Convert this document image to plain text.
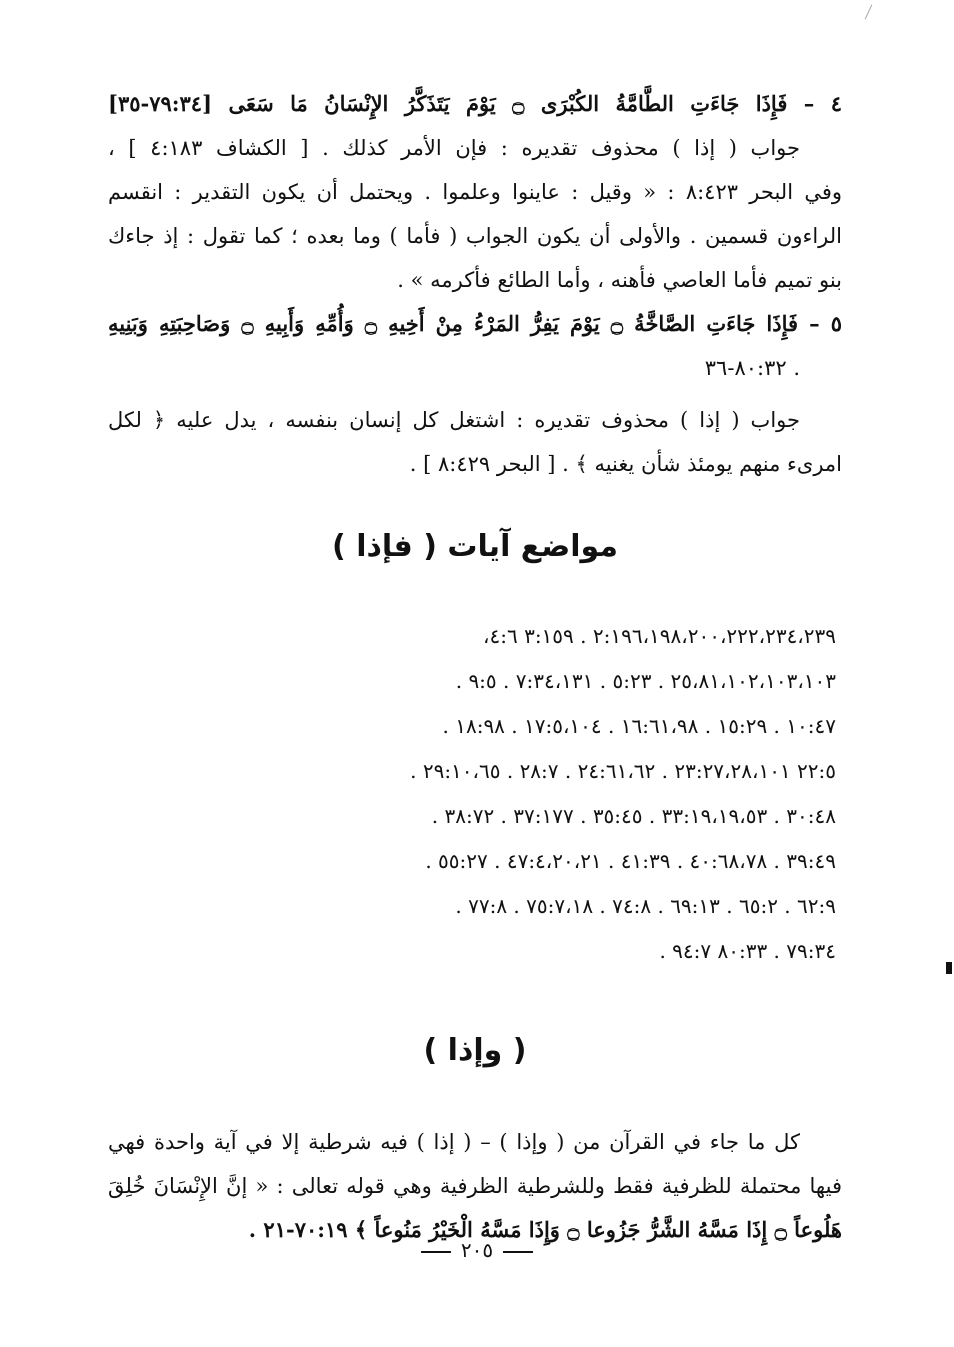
٤ – فَإِذَا جَاءَتِ الطَّامَّةُ الكُبْرَى ۝ يَوْمَ يَتَذَكَّرُ الإِنْسَانُ مَا سَعَى [٧٩:٣٤-٣٥]
جواب ( إذا ) محذوف تقديره : فإن الأمر كذلك . [ الكشاف ٤:١٨٣ ] ،
وفي البحر ٨:٤٢٣ : « وقيل : عاينوا وعلموا . ويحتمل أن يكون التقدير : انقسم
الراءون قسمين . والأولى أن يكون الجواب ( فأما ) وما بعده ؛ كما تقول : إذ جاءك
بنو تميم فأما العاصي فأهنه ، وأما الطائع فأكرمه » .
٥ – فَإِذَا جَاءَتِ الصَّاخَّةُ ۝ يَوْمَ يَفِرُّ المَرْءُ مِنْ أَخِيهِ ۝ وَأُمِّهِ وَأَبِيهِ ۝ وَصَاحِبَتِهِ وَبَنِيهِ
. ٨٠:٣٢-٣٦
جواب ( إذا ) محذوف تقديره : اشتغل كل إنسان بنفسه ، يدل عليه ﴿ لكل
امرىء منهم يومئذ شأن يغنيه ﴾ . [ البحر ٨:٤٢٩ ] .
مواضع آيات ( فإذا )
٢:١٩٦،١٩٨،٢٠٠،٢٢٢،٢٣٤،٢٣٩ . ٣:١٥٩ ٤:٦،
٢٥،٨١،١٠٢،١٠٣،١٠٣ . ٥:٢٣ . ٧:٣٤،١٣١ . ٩:٥ .
١٠:٤٧ . ١٥:٢٩ . ١٦:٦١،٩٨ . ١٧:٥،١٠٤ . ١٨:٩٨ .
٢٢:٥ ٢٣:٢٧،٢٨،١٠١ . ٢٤:٦١،٦٢ . ٢٨:٧ . ٢٩:١٠،٦٥ .
٣٠:٤٨ . ٣٣:١٩،١٩،٥٣ . ٣٥:٤٥ . ٣٧:١٧٧ . ٣٨:٧٢ .
٣٩:٤٩ . ٤٠:٦٨،٧٨ . ٤١:٣٩ . ٤٧:٤،٢٠،٢١ . ٥٥:٢٧ .
٦٢:٩ . ٦٥:٢ . ٦٩:١٣ . ٧٤:٨ . ٧٥:٧،١٨ . ٧٧:٨ .
٧٩:٣٤ . ٨٠:٣٣ ٩٤:٧ .
( وإذا )
كل ما جاء في القرآن من ( وإذا ) – ( إذا ) فيه شرطية إلا في آية واحدة فهي
فيها محتملة للظرفية فقط وللشرطية الظرفية وهي قوله تعالى : « إنَّ الإِنْسَانَ خُلِقَ
هَلُوعاً ۝ إِذَا مَسَّهُ الشَّرُّ جَزُوعا ۝ وَإِذَا مَسَّهُ الْخَيْرُ مَنُوعاً ﴾ ٧٠:١٩-٢١ .
٢٠٥
